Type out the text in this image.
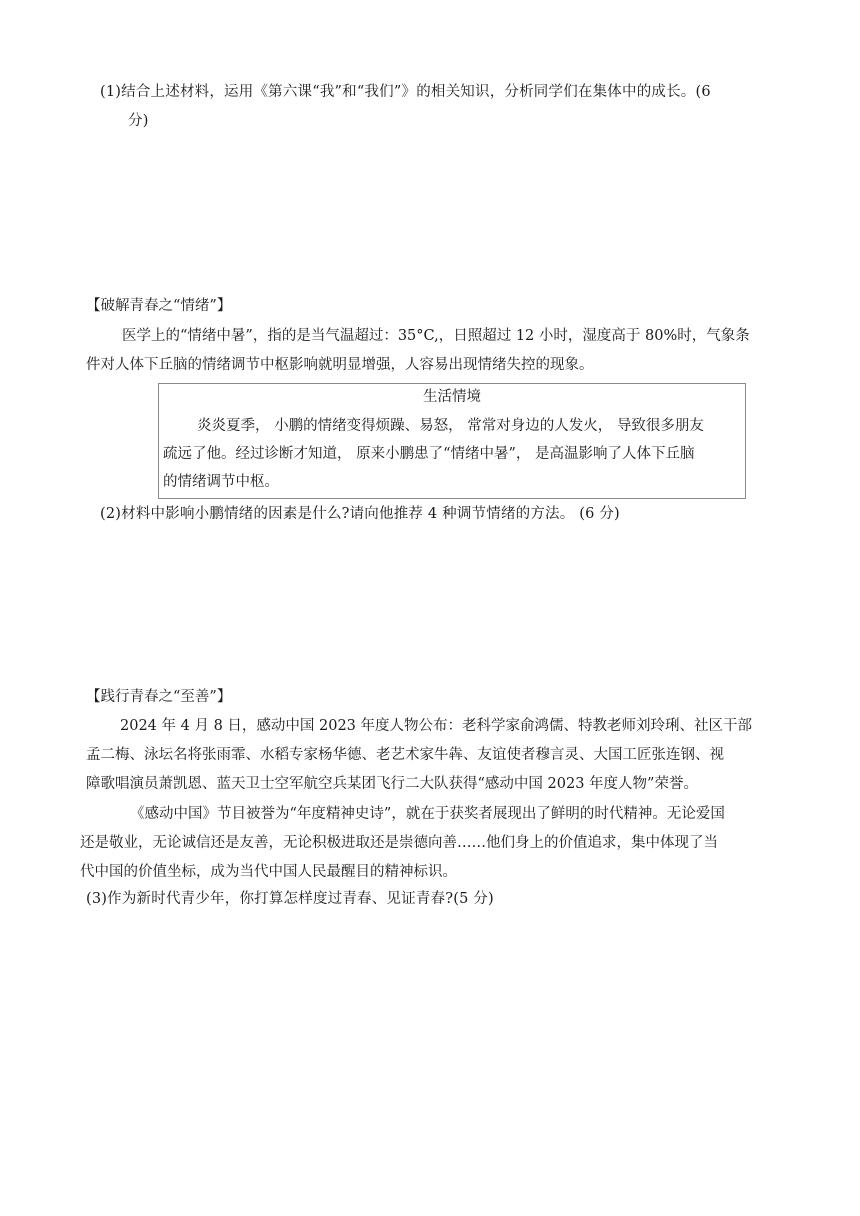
(1)结合上述材料，运用《第六课“我”和“我们”》的相关知识，分析同学们在集体中的成长。(6
分)

【破解青春之“情绪”】

医学上的“情绪中暑”，指的是当气温超过：35°C,，日照超过 12 小时，湿度高于 80%时，气象条
件对人体下丘脑的情绪调节中枢影响就明显增强，人容易出现情绪失控的现象。

生活情境
炎炎夏季， 小鹏的情绪变得烦躁、易怒， 常常对身边的人发火， 导致很多朋友
疏远了他。经过诊断才知道， 原来小鹏患了“情绪中暑”， 是高温影响了人体下丘脑
的情绪调节中枢。

(2)材料中影响小鹏情绪的因素是什么?请向他推荐 4 种调节情绪的方法。 (6 分)

【践行青春之“至善”】

2024 年 4 月 8 日，感动中国 2023 年度人物公布：老科学家俞鸿儒、特教老师刘玲琍、社区干部
孟二梅、泳坛名将张雨霏、水稻专家杨华德、老艺术家牛犇、友谊使者穆言灵、大国工匠张连钢、视
障歌唱演员萧凯恩、蓝天卫士空军航空兵某团飞行二大队获得“感动中国 2023 年度人物”荣誉。

《感动中国》节目被誉为“年度精神史诗”，就在于获奖者展现出了鲜明的时代精神。无论爱国
还是敬业，无论诚信还是友善，无论积极进取还是崇德向善……他们身上的价值追求，集中体现了当
代中国的价值坐标，成为当代中国人民最醒目的精神标识。

(3)作为新时代青少年，你打算怎样度过青春、见证青春?(5 分)
